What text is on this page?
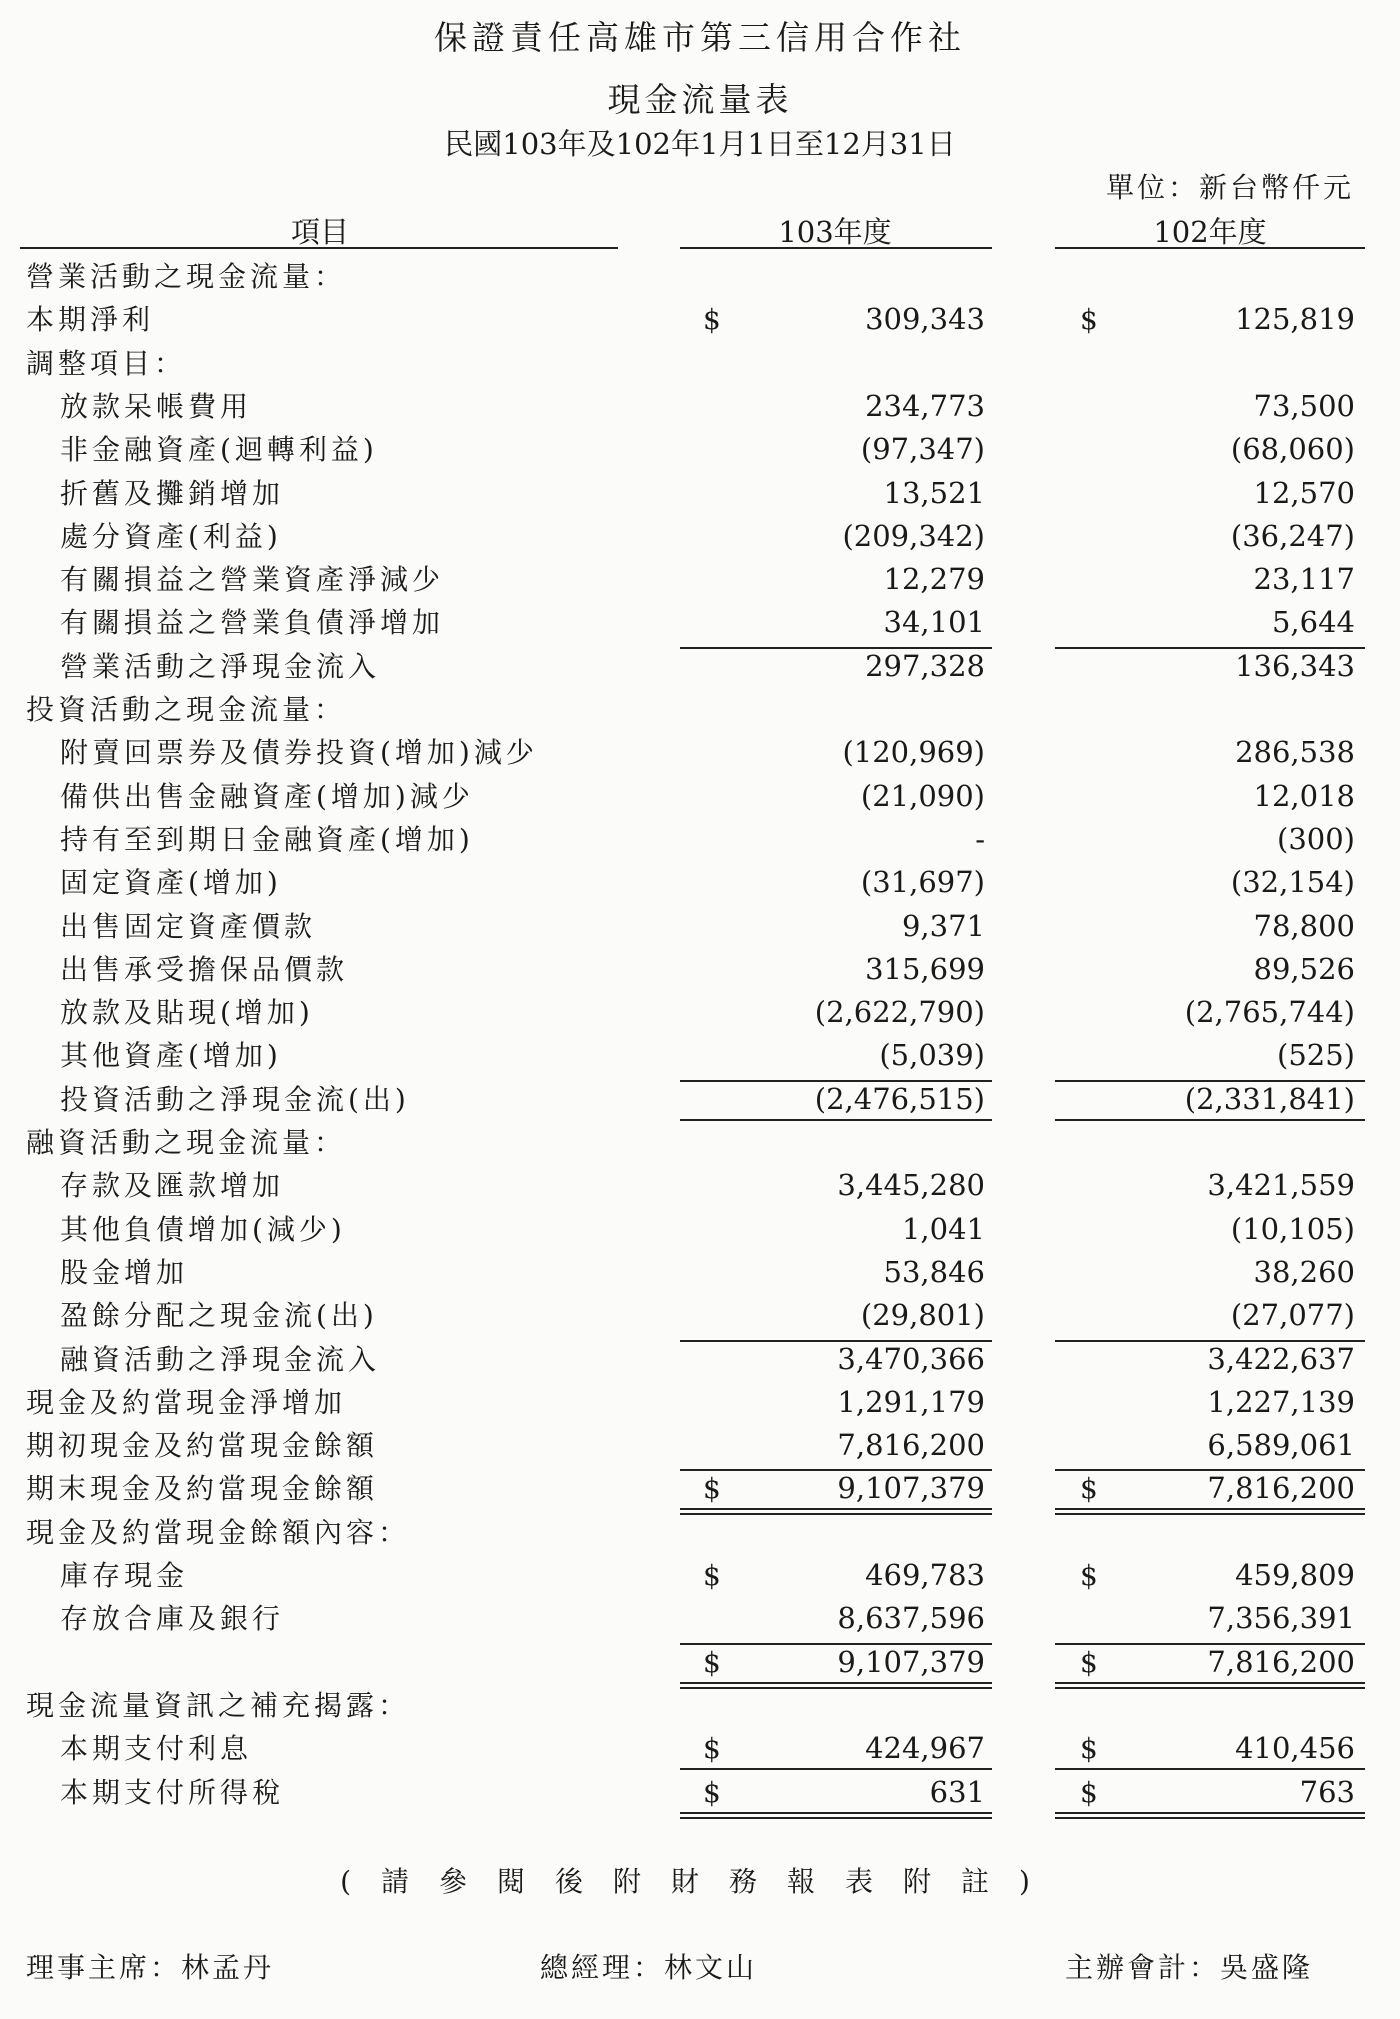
保證責任高雄市第三信用合作社
現金流量表
民國103年及102年1月1日至12月31日
單位：新台幣仟元
項目	103年度	102年度
營業活動之現金流量：
本期淨利	$	309,343	$	125,819
調整項目：
放款呆帳費用	234,773	73,500
非金融資產(迴轉利益)	(97,347)	(68,060)
折舊及攤銷增加	13,521	12,570
處分資產(利益)	(209,342)	(36,247)
有關損益之營業資產淨減少	12,279	23,117
有關損益之營業負債淨增加	34,101	5,644
營業活動之淨現金流入	297,328	136,343
投資活動之現金流量：
附賣回票券及債券投資(增加)減少	(120,969)	286,538
備供出售金融資產(增加)減少	(21,090)	12,018
持有至到期日金融資產(增加)	-	(300)
固定資產(增加)	(31,697)	(32,154)
出售固定資產價款	9,371	78,800
出售承受擔保品價款	315,699	89,526
放款及貼現(增加)	(2,622,790)	(2,765,744)
其他資產(增加)	(5,039)	(525)
投資活動之淨現金流(出)	(2,476,515)	(2,331,841)
融資活動之現金流量：
存款及匯款增加	3,445,280	3,421,559
其他負債增加(減少)	1,041	(10,105)
股金增加	53,846	38,260
盈餘分配之現金流(出)	(29,801)	(27,077)
融資活動之淨現金流入	3,470,366	3,422,637
現金及約當現金淨增加	1,291,179	1,227,139
期初現金及約當現金餘額	7,816,200	6,589,061
期末現金及約當現金餘額	$	9,107,379	$	7,816,200
現金及約當現金餘額內容：
庫存現金	$	469,783	$	459,809
存放合庫及銀行	8,637,596	7,356,391
$	9,107,379	$	7,816,200
現金流量資訊之補充揭露：
本期支付利息	$	424,967	$	410,456
本期支付所得稅	$	631	$	763
(請參閱後附財務報表附註)
理事主席：林孟丹	總經理：林文山	主辦會計：吳盛隆
